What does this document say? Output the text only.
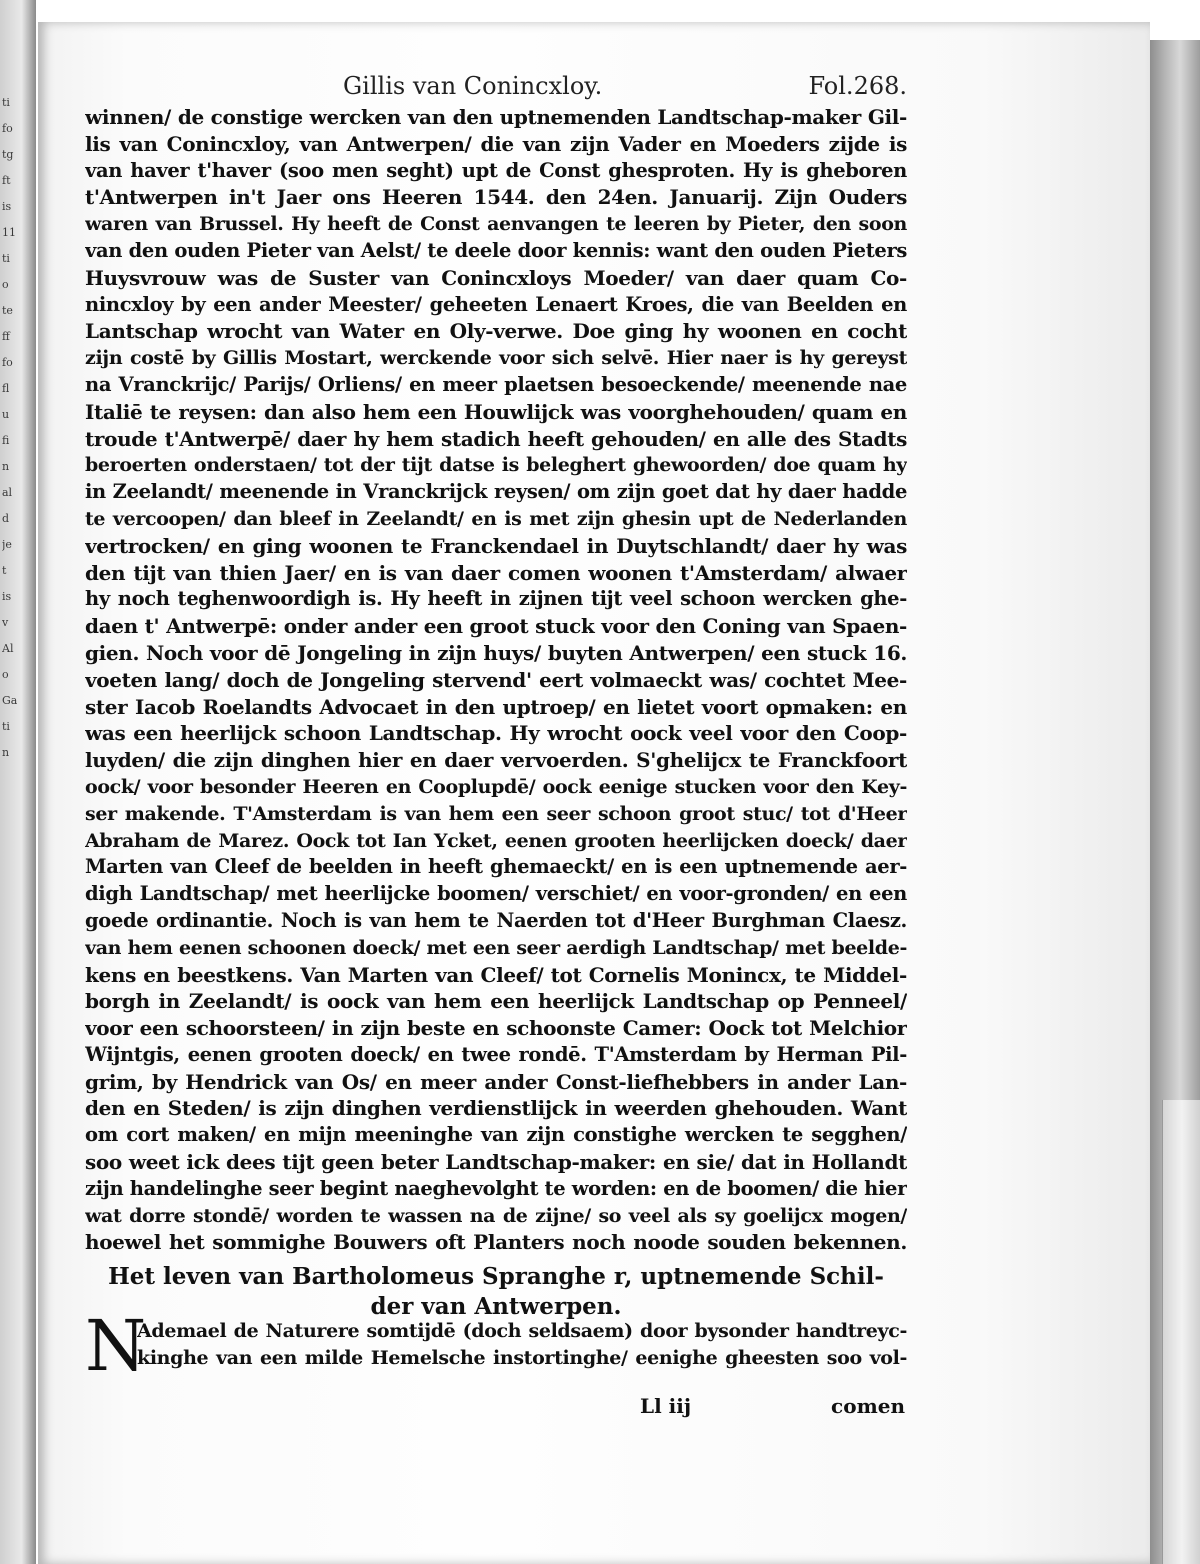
ti
fo
tg
ft
is
11
ti
o
te
ff
fo
fl
u
fi
n
al
d
je
t
is
v
Al
o
Ga
ti
n
Gillis van Conincxloy.	Fol.268.
winnen/ de constige wercken van den uptnemenden Landtschap-maker Gil-
lis van Conincxloy, van Antwerpen/ die van zijn Vader en Moeders zijde is
van haver t'haver (soo men seght) upt de Const ghesproten. Hy is gheboren
t'Antwerpen in't Jaer ons Heeren 1544. den 24en. Januarij. Zijn Ouders
waren van Brussel. Hy heeft de Const aenvangen te leeren by Pieter, den soon
van den ouden Pieter van Aelst/ te deele door kennis: want den ouden Pieters
Huysvrouw was de Suster van Conincxloys Moeder/ van daer quam Co-
nincxloy by een ander Meester/ geheeten Lenaert Kroes, die van Beelden en
Lantschap wrocht van Water en Oly-verwe. Doe ging hy woonen en cocht
zijn costē by Gillis Mostart, werckende voor sich selvē. Hier naer is hy gereyst
na Vranckrijc/ Parijs/ Orliens/ en meer plaetsen besoeckende/ meenende nae
Italiē te reysen: dan also hem een Houwlijck was voorghehouden/ quam en
troude t'Antwerpē/ daer hy hem stadich heeft gehouden/ en alle des Stadts
beroerten onderstaen/ tot der tijt datse is beleghert ghewoorden/ doe quam hy
in Zeelandt/ meenende in Vranckrijck reysen/ om zijn goet dat hy daer hadde
te vercoopen/ dan bleef in Zeelandt/ en is met zijn ghesin upt de Nederlanden
vertrocken/ en ging woonen te Franckendael in Duytschlandt/ daer hy was
den tijt van thien Jaer/ en is van daer comen woonen t'Amsterdam/ alwaer
hy noch teghenwoordigh is. Hy heeft in zijnen tijt veel schoon wercken ghe-
daen t' Antwerpē: onder ander een groot stuck voor den Coning van Spaen-
gien. Noch voor dē Jongeling in zijn huys/ buyten Antwerpen/ een stuck 16.
voeten lang/ doch de Jongeling stervend' eert volmaeckt was/ cochtet Mee-
ster Iacob Roelandts Advocaet in den uptroep/ en lietet voort opmaken: en
was een heerlijck schoon Landtschap. Hy wrocht oock veel voor den Coop-
luyden/ die zijn dinghen hier en daer vervoerden. S'ghelijcx te Franckfoort
oock/ voor besonder Heeren en Cooplupdē/ oock eenige stucken voor den Key-
ser makende. T'Amsterdam is van hem een seer schoon groot stuc/ tot d'Heer
Abraham de Marez. Oock tot Ian Ycket, eenen grooten heerlijcken doeck/ daer
Marten van Cleef de beelden in heeft ghemaeckt/ en is een uptnemende aer-
digh Landtschap/ met heerlijcke boomen/ verschiet/ en voor-gronden/ en een
goede ordinantie. Noch is van hem te Naerden tot d'Heer Burghman Claesz.
van hem eenen schoonen doeck/ met een seer aerdigh Landtschap/ met beelde-
kens en beestkens. Van Marten van Cleef/ tot Cornelis Monincx, te Middel-
borgh in Zeelandt/ is oock van hem een heerlijck Landtschap op Penneel/
voor een schoorsteen/ in zijn beste en schoonste Camer: Oock tot Melchior
Wijntgis, eenen grooten doeck/ en twee rondē. T'Amsterdam by Herman Pil-
grim, by Hendrick van Os/ en meer ander Const-liefhebbers in ander Lan-
den en Steden/ is zijn dinghen verdienstlijck in weerden ghehouden. Want
om cort maken/ en mijn meeninghe van zijn constighe wercken te segghen/
soo weet ick dees tijt geen beter Landtschap-maker: en sie/ dat in Hollandt
zijn handelinghe seer begint naeghevolght te worden: en de boomen/ die hier
wat dorre stondē/ worden te wassen na de zijne/ so veel als sy goelijcx mogen/
hoewel het sommighe Bouwers oft Planters noch noode souden bekennen.
Het leven van Bartholomeus Spranghe r, uptnemende Schil-
der van Antwerpen.
N
Ademael de Naturere somtijdē (doch seldsaem) door bysonder handtreyc-
kinghe van een milde Hemelsche instortinghe/ eenighe gheesten soo vol-
Ll iij	comen
